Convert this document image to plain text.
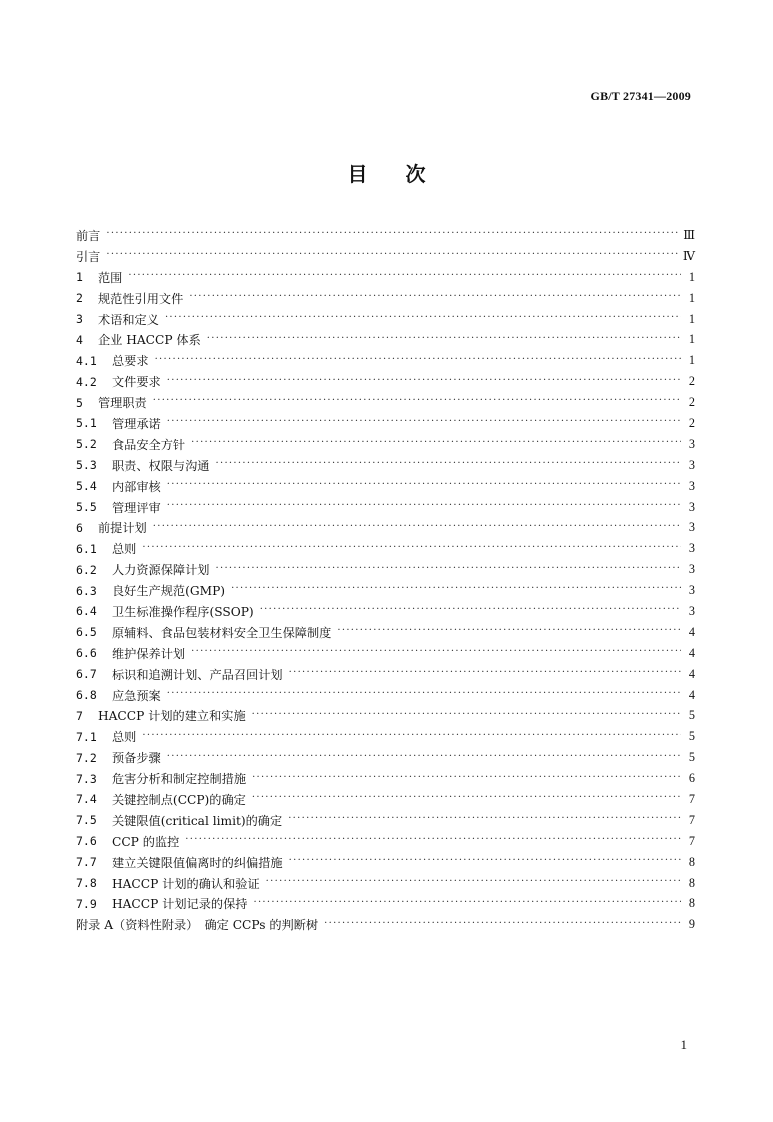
GB/T 27341—2009
目 次
前言 ·····	Ⅲ
引言 ·····	Ⅳ
1	范围 ·····	1
2	规范性引用文件 ·····	1
3	术语和定义 ·····	1
4	企业 HACCP 体系 ·····	1
4.1	总要求 ·····	1
4.2	文件要求 ·····	2
5	管理职责 ·····	2
5.1	管理承诺 ·····	2
5.2	食品安全方针 ·····	3
5.3	职责、权限与沟通 ·····	3
5.4	内部审核 ·····	3
5.5	管理评审 ·····	3
6	前提计划 ·····	3
6.1	总则 ·····	3
6.2	人力资源保障计划 ·····	3
6.3	良好生产规范(GMP) ·····	3
6.4	卫生标准操作程序(SSOP) ·····	3
6.5	原辅料、食品包装材料安全卫生保障制度 ·····	4
6.6	维护保养计划 ·····	4
6.7	标识和追溯计划、产品召回计划 ·····	4
6.8	应急预案 ·····	4
7	HACCP 计划的建立和实施 ·····	5
7.1	总则 ·····	5
7.2	预备步骤 ·····	5
7.3	危害分析和制定控制措施 ·····	6
7.4	关键控制点(CCP)的确定 ·····	7
7.5	关键限值(critical limit)的确定 ·····	7
7.6	CCP 的监控 ·····	7
7.7	建立关键限值偏离时的纠偏措施 ·····	8
7.8	HACCP 计划的确认和验证 ·····	8
7.9	HACCP 计划记录的保持 ·····	8
附录 A（资料性附录）　确定 CCPs 的判断树 ·····	9
1
